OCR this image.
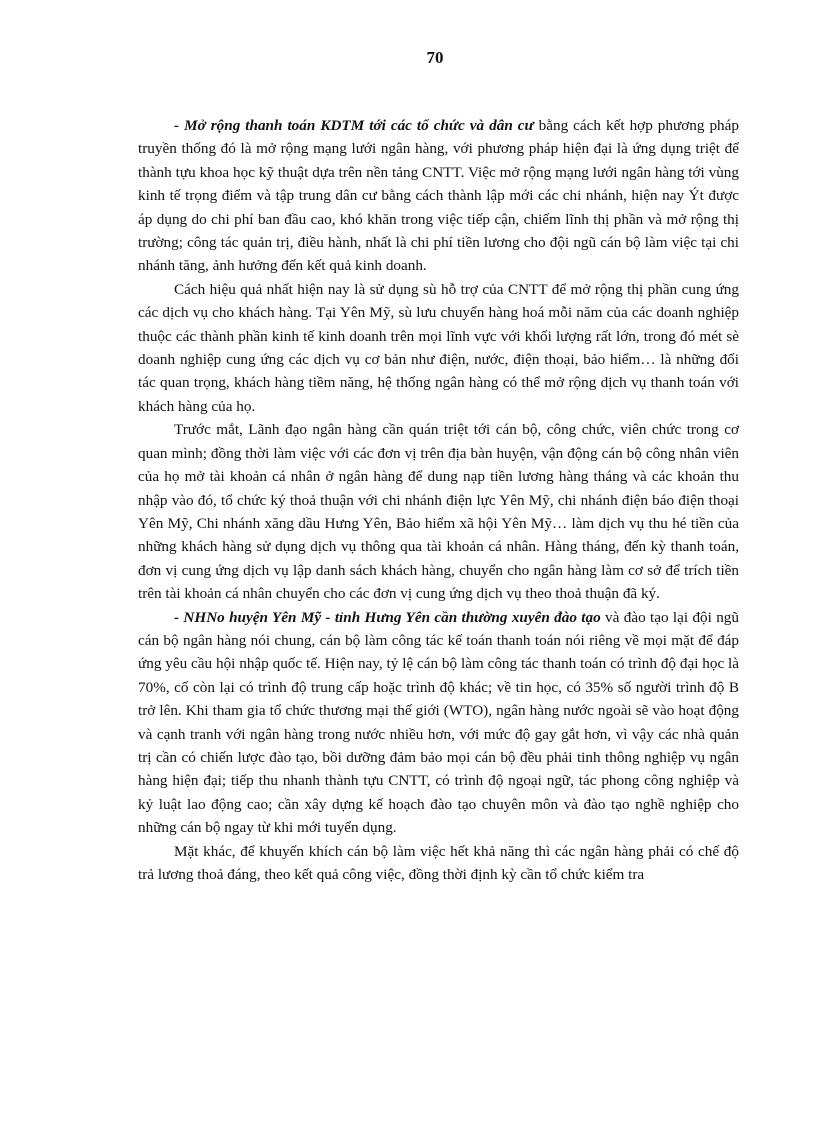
70

- Mở rộng thanh toán KDTM tới các tổ chức và dân cư bằng cách kết hợp phương pháp truyền thống đó là mở rộng mạng lưới ngân hàng, với phương pháp hiện đại là ứng dụng triệt để thành tựu khoa học kỹ thuật dựa trên nền tảng CNTT. Việc mở rộng mạng lưới ngân hàng tới vùng kinh tế trọng điểm và tập trung dân cư bằng cách thành lập mới các chi nhánh, hiện nay Ýt được áp dụng do chi phí ban đầu cao, khó khăn trong việc tiếp cận, chiếm lĩnh thị phần và mở rộng thị trường; công tác quản trị, điều hành, nhất là chi phí tiền lương cho đội ngũ cán bộ làm việc tại chi nhánh tăng, ảnh hưởng đến kết quả kinh doanh.

Cách hiệu quả nhất hiện nay là sử dụng sù hỗ trợ của CNTT để mở rộng thị phần cung ứng các dịch vụ cho khách hàng. Tại Yên Mỹ, sù lưu chuyển hàng hoá mỗi năm của các doanh nghiệp thuộc các thành phần kinh tế kinh doanh trên mọi lĩnh vực với khối lượng rất lớn, trong đó mét sè doanh nghiệp cung ứng các dịch vụ cơ bản như điện, nước, điện thoại, bảo hiểm… là những đối tác quan trọng, khách hàng tiềm năng, hệ thống ngân hàng có thể mở rộng dịch vụ thanh toán với khách hàng của họ.

Trước mắt, Lãnh đạo ngân hàng cần quán triệt tới cán bộ, công chức, viên chức trong cơ quan mình; đồng thời làm việc với các đơn vị trên địa bàn huyện, vận động cán bộ công nhân viên của họ mở tài khoản cá nhân ở ngân hàng để dung nạp tiền lương hàng tháng và các khoản thu nhập vào đó, tổ chức ký thoả thuận với chi nhánh điện lực Yên Mỹ, chi nhánh điện báo điện thoại Yên Mỹ, Chi nhánh xăng dầu Hưng Yên, Bảo hiểm xã hội Yên Mỹ… làm dịch vụ thu hé tiền của những khách hàng sử dụng dịch vụ thông qua tài khoản cá nhân. Hàng tháng, đến kỳ thanh toán, đơn vị cung ứng dịch vụ lập danh sách khách hàng, chuyển cho ngân hàng làm cơ sở để trích tiền trên tài khoản cá nhân chuyển cho các đơn vị cung ứng dịch vụ theo thoả thuận đã ký.

- NHNo huyện Yên Mỹ - tỉnh Hưng Yên cần thường xuyên đào tạo và đào tạo lại đội ngũ cán bộ ngân hàng nói chung, cán bộ làm công tác kế toán thanh toán nói riêng về mọi mặt để đáp ứng yêu cầu hội nhập quốc tế. Hiện nay, tỷ lệ cán bộ làm công tác thanh toán có trình độ đại học là 70%, cố còn lại có trình độ trung cấp hoặc trình độ khác; về tin học, có 35% số người trình độ B trở lên. Khi tham gia tổ chức thương mại thế giới (WTO), ngân hàng nước ngoài sẽ vào hoạt động và cạnh tranh với ngân hàng trong nước nhiều hơn, với mức độ gay gắt hơn, vì vậy các nhà quản trị cần có chiến lược đào tạo, bồi dưỡng đảm bảo mọi cán bộ đều phải tinh thông nghiệp vụ ngân hàng hiện đại; tiếp thu nhanh thành tựu CNTT, có trình độ ngoại ngữ, tác phong công nghiệp và kỷ luật lao động cao; cần xây dựng kế hoạch đào tạo chuyên môn và đào tạo nghề nghiệp cho những cán bộ ngay từ khi mới tuyển dụng.

Mặt khác, để khuyến khích cán bộ làm việc hết khả năng thì các ngân hàng phải có chế độ trả lương thoả đáng, theo kết quả công việc, đồng thời định kỳ cần tổ chức kiểm tra
